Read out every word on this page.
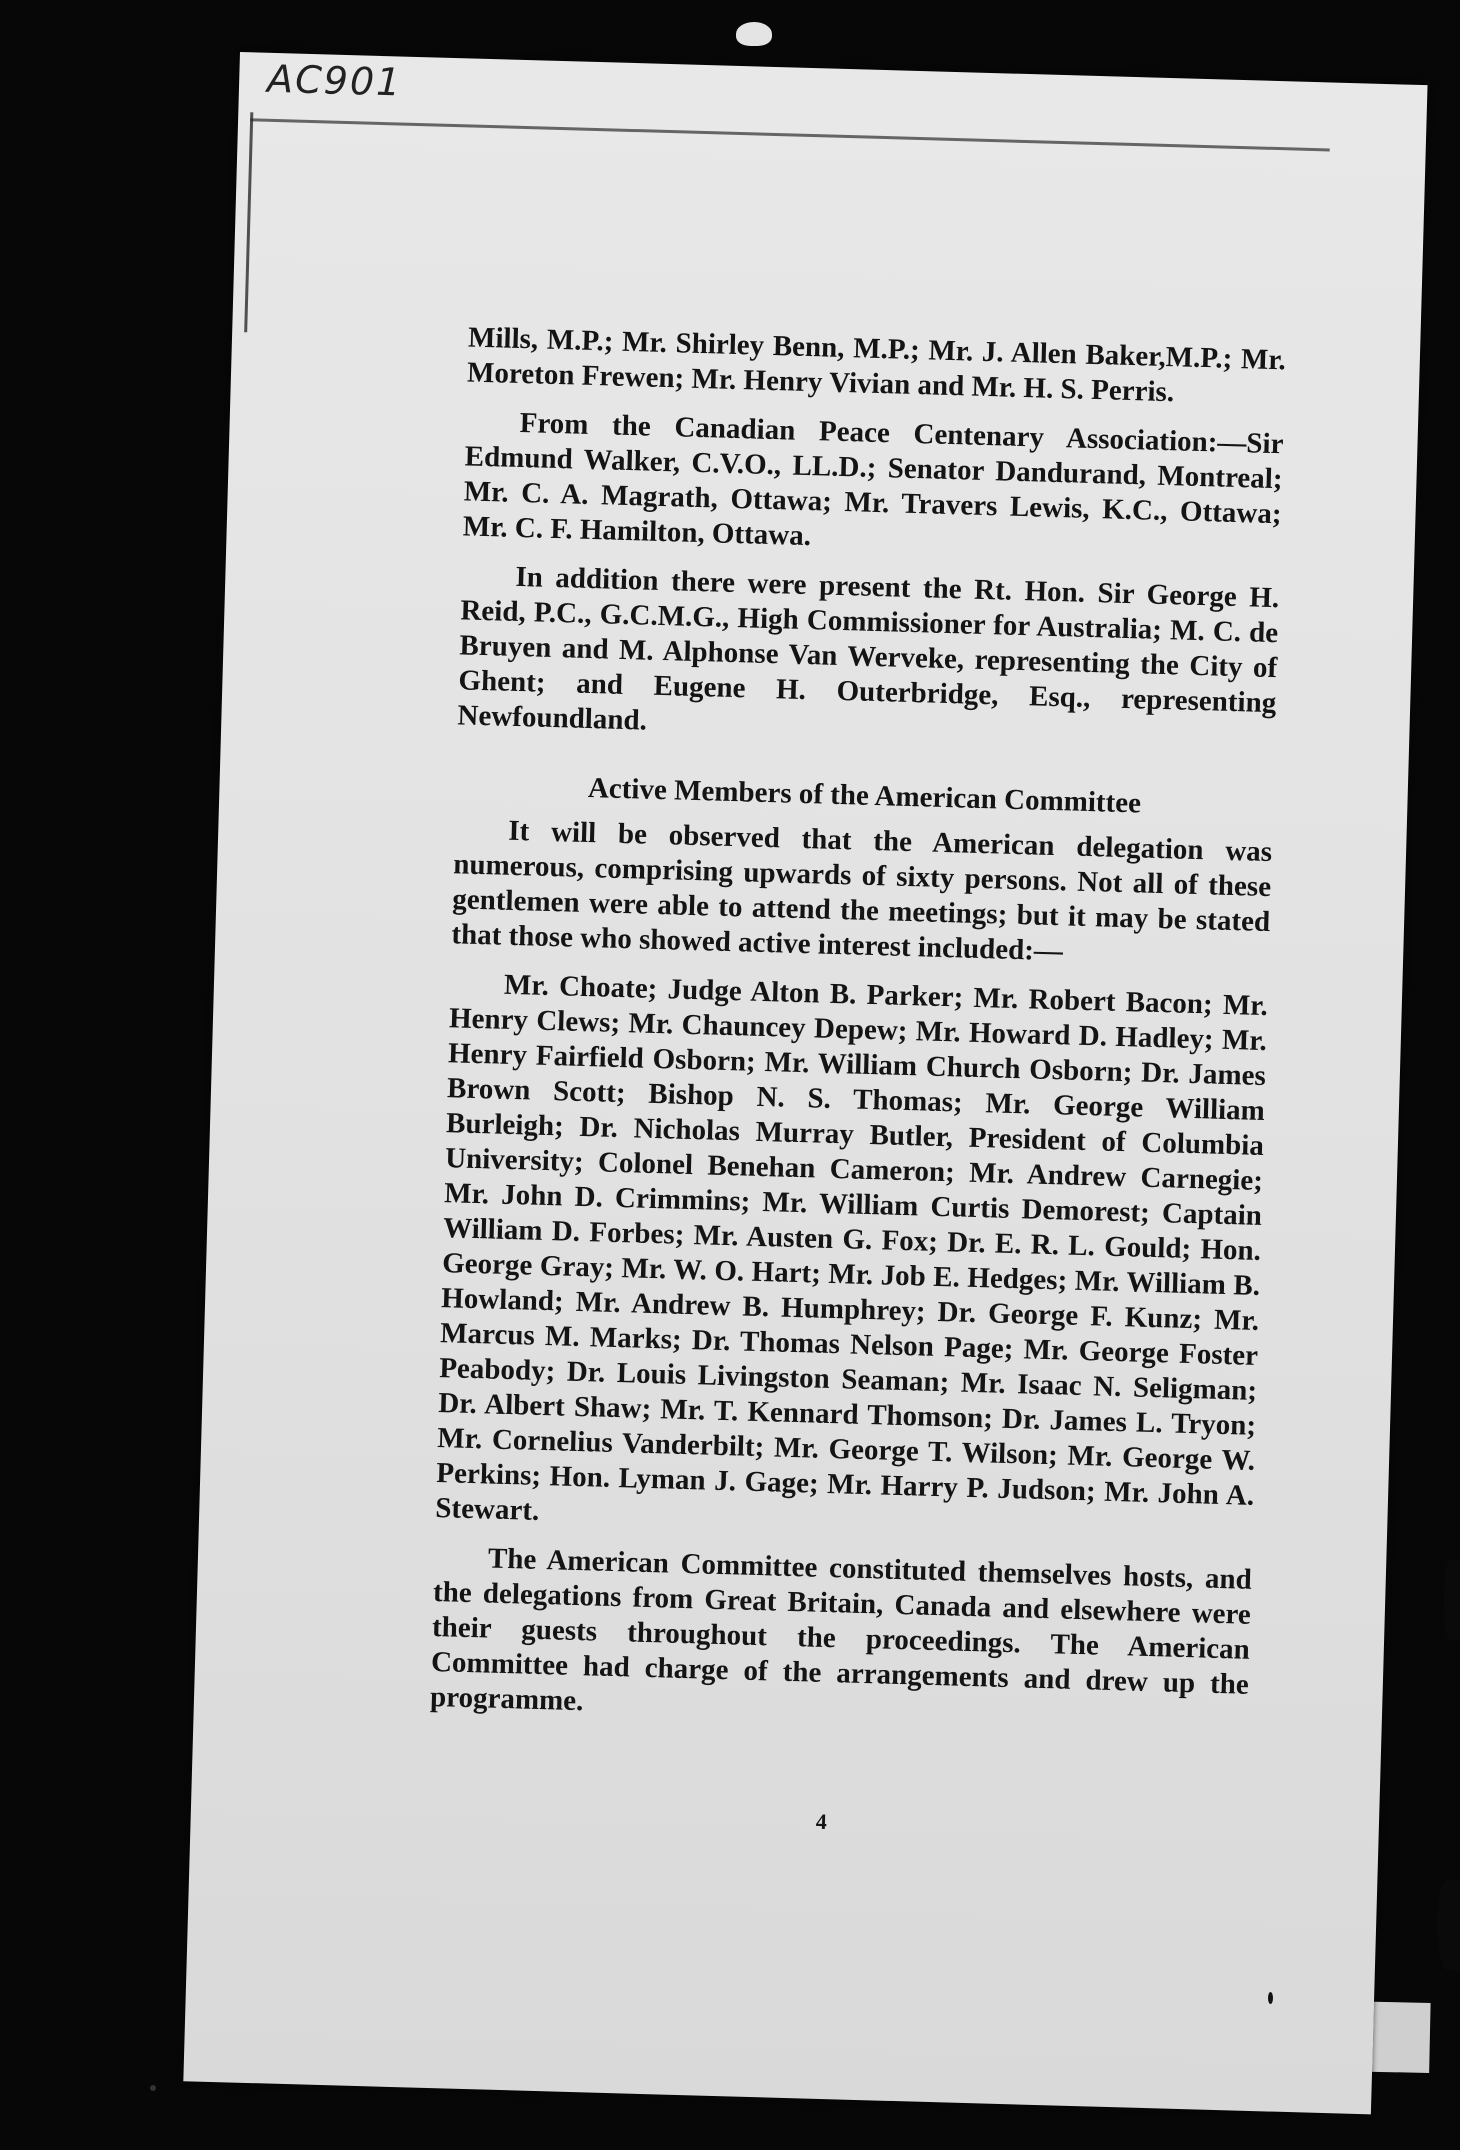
AC901

Mills, M.P.; Mr. Shirley Benn, M.P.; Mr. J. Allen Baker,M.P.; Mr. Moreton Frewen; Mr. Henry Vivian and Mr. H. S. Perris.

From the Canadian Peace Centenary Association:—Sir Edmund Walker, C.V.O., LL.D.; Senator Dandurand, Montreal; Mr. C. A. Magrath, Ottawa; Mr. Travers Lewis, K.C., Ottawa; Mr. C. F. Hamilton, Ottawa.

In addition there were present the Rt. Hon. Sir George H. Reid, P.C., G.C.M.G., High Commissioner for Australia; M. C. de Bruyen and M. Alphonse Van Werveke, representing the City of Ghent; and Eugene H. Outerbridge, Esq., representing Newfoundland.

Active Members of the American Committee

It will be observed that the American delegation was numerous, comprising upwards of sixty persons. Not all of these gentlemen were able to attend the meetings; but it may be stated that those who showed active interest included:—

Mr. Choate; Judge Alton B. Parker; Mr. Robert Bacon; Mr. Henry Clews; Mr. Chauncey Depew; Mr. Howard D. Hadley; Mr. Henry Fairfield Osborn; Mr. William Church Osborn; Dr. James Brown Scott; Bishop N. S. Thomas; Mr. George William Burleigh; Dr. Nicholas Murray Butler, President of Columbia University; Colonel Benehan Cameron; Mr. Andrew Carnegie; Mr. John D. Crimmins; Mr. William Curtis Demorest; Captain William D. Forbes; Mr. Austen G. Fox; Dr. E. R. L. Gould; Hon. George Gray; Mr. W. O. Hart; Mr. Job E. Hedges; Mr. William B. Howland; Mr. Andrew B. Humphrey; Dr. George F. Kunz; Mr. Marcus M. Marks; Dr. Thomas Nelson Page; Mr. George Foster Peabody; Dr. Louis Livingston Seaman; Mr. Isaac N. Seligman; Dr. Albert Shaw; Mr. T. Kennard Thomson; Dr. James L. Tryon; Mr. Cornelius Vanderbilt; Mr. George T. Wilson; Mr. George W. Perkins; Hon. Lyman J. Gage; Mr. Harry P. Judson; Mr. John A. Stewart.

The American Committee constituted themselves hosts, and the delegations from Great Britain, Canada and elsewhere were their guests throughout the proceedings. The American Committee had charge of the arrangements and drew up the programme.

4
